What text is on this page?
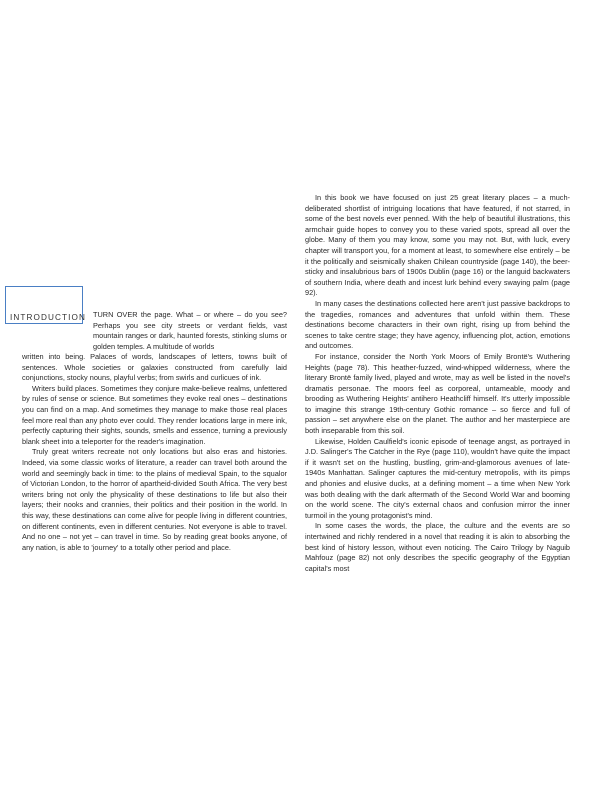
INTRODUCTION TURN OVER the page. What – or where – do you see? Perhaps you see city streets or verdant fields, vast mountain ranges or dark, haunted forests, stinking slums or golden temples. A multitude of worlds

written into being. Palaces of words, landscapes of letters, towns built of sentences. Whole societies or galaxies constructed from carefully laid conjunctions, stocky nouns, playful verbs; from swirls and curlicues of ink.

Writers build places. Sometimes they conjure make-believe realms, unfettered by rules of sense or science. But sometimes they evoke real ones – destinations you can find on a map. And sometimes they manage to make those real places feel more real than any photo ever could. They render locations large in mere ink, perfectly capturing their sights, sounds, smells and essence, turning a previously blank sheet into a teleporter for the reader's imagination.

Truly great writers recreate not only locations but also eras and histories. Indeed, via some classic works of literature, a reader can travel both around the world and seemingly back in time: to the plains of medieval Spain, to the squalor of Victorian London, to the horror of apartheid-divided South Africa. The very best writers bring not only the physicality of these destinations to life but also their layers; their nooks and crannies, their politics and their position in the world. In this way, these destinations can come alive for people living in different countries, on different continents, even in different centuries. Not everyone is able to travel. And no one – not yet – can travel in time. So by reading great books anyone, of any nation, is able to 'journey' to a totally other period and place.

In this book we have focused on just 25 great literary places – a much-deliberated shortlist of intriguing locations that have featured, if not starred, in some of the best novels ever penned. With the help of beautiful illustrations, this armchair guide hopes to convey you to these varied spots, spread all over the globe. Many of them you may know, some you may not. But, with luck, every chapter will transport you, for a moment at least, to somewhere else entirely – be it the politically and seismically shaken Chilean countryside (page 140), the beer-sticky and insalubrious bars of 1900s Dublin (page 16) or the languid backwaters of southern India, where death and incest lurk behind every swaying palm (page 92).

In many cases the destinations collected here aren't just passive backdrops to the tragedies, romances and adventures that unfold within them. These destinations become characters in their own right, rising up from behind the scenes to take centre stage; they have agency, influencing plot, action, emotions and outcomes.

For instance, consider the North York Moors of Emily Brontë's Wuthering Heights (page 78). This heather-fuzzed, wind-whipped wilderness, where the literary Brontë family lived, played and wrote, may as well be listed in the novel's dramatis personae. The moors feel as corporeal, untameable, moody and brooding as Wuthering Heights' antihero Heathcliff himself. It's utterly impossible to imagine this strange 19th-century Gothic romance – so fierce and full of passion – set anywhere else on the planet. The author and her masterpiece are both inseparable from this soil.

Likewise, Holden Caulfield's iconic episode of teenage angst, as portrayed in J.D. Salinger's The Catcher in the Rye (page 110), wouldn't have quite the impact if it wasn't set on the hustling, bustling, grim-and-glamorous avenues of late-1940s Manhattan. Salinger captures the mid-century metropolis, with its pimps and phonies and elusive ducks, at a defining moment – a time when New York was both dealing with the dark aftermath of the Second World War and booming on the world scene. The city's external chaos and confusion mirror the inner turmoil in the young protagonist's mind.

In some cases the words, the place, the culture and the events are so intertwined and richly rendered in a novel that reading it is akin to absorbing the best kind of history lesson, without even noticing. The Cairo Trilogy by Naguib Mahfouz (page 82) not only describes the specific geography of the Egyptian capital's most
